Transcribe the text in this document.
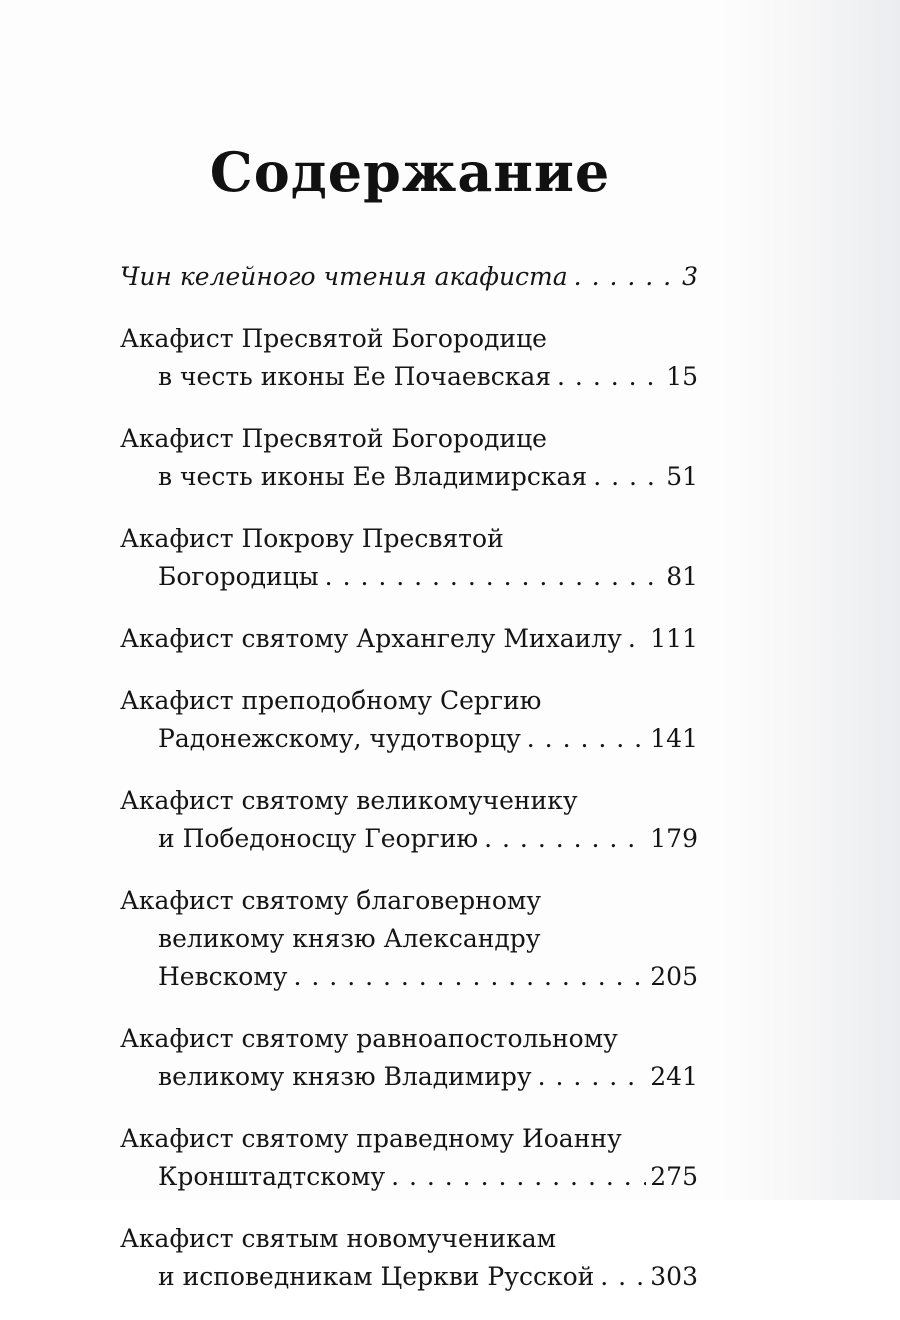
Содержание
Чин келейного чтения акафиста . . .	3
Акафист Пресвятой Богородице
в честь иконы Ее Почаевская . . .	15
Акафист Пресвятой Богородице
в честь иконы Ее Владимирская . . .	51
Акафист Покрову Пресвятой
Богородицы . . .	81
Акафист святому Архангелу Михаилу . . . 111
Акафист преподобному Сергию
Радонежскому, чудотворцу . . .	141
Акафист святому великомученику
и Победоносцу Георгию . . .	179
Акафист святому благоверному
великому князю Александру
Невскому . . .	205
Акафист святому равноапостольному
великому князю Владимиру . . .	241
Акафист святому праведному Иоанну
Кронштадтскому . . .	275
Акафист святым новомученикам
и исповедникам Церкви Русской . . . 303
